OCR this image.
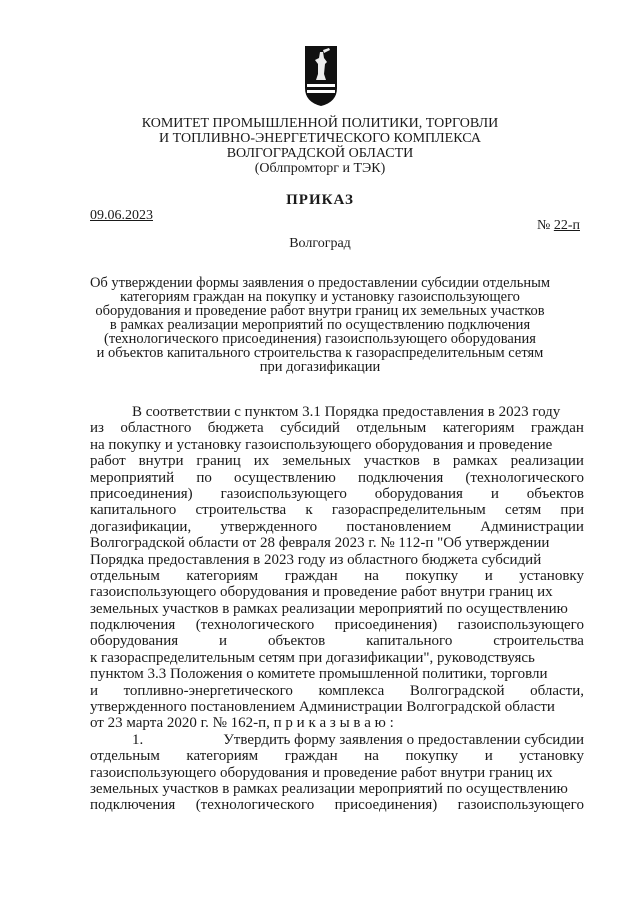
КОМИТЕТ ПРОМЫШЛЕННОЙ ПОЛИТИКИ, ТОРГОВЛИ
И ТОПЛИВНО-ЭНЕРГЕТИЧЕСКОГО КОМПЛЕКСА
ВОЛГОГРАДСКОЙ ОБЛАСТИ
(Облпромторг и ТЭК)
ПРИКАЗ
09.06.2023
№ 22-п
Волгоград
Об утверждении формы заявления о предоставлении субсидии отдельным
категориям граждан на покупку и установку газоиспользующего
оборудования и проведение работ внутри границ их земельных участков
в рамках реализации мероприятий по осуществлению подключения
(технологического присоединения) газоиспользующего оборудования
и объектов капитального строительства к газораспределительным сетям
при догазификации
В соответствии с пунктом 3.1 Порядка предоставления в 2023 году
из областного бюджета субсидий отдельным категориям граждан
на покупку и установку газоиспользующего оборудования и проведение
работ внутри границ их земельных участков в рамках реализации
мероприятий по осуществлению подключения (технологического
присоединения) газоиспользующего оборудования и объектов
капитального строительства к газораспределительным сетям при
догазификации, утвержденного постановлением Администрации
Волгоградской области от 28 февраля 2023 г. № 112-п "Об утверждении
Порядка предоставления в 2023 году из областного бюджета субсидий
отдельным категориям граждан на покупку и установку
газоиспользующего оборудования и проведение работ внутри границ их
земельных участков в рамках реализации мероприятий по осуществлению
подключения (технологического присоединения) газоиспользующего
оборудования	и	объектов	капитального	строительства
к газораспределительным сетям при догазификации", руководствуясь
пунктом 3.3 Положения о комитете промышленной политики, торговли
и топливно-энергетического комплекса Волгоградской области,
утвержденного постановлением Администрации Волгоградской области
от 23 марта 2020 г. № 162-п, п р и к а з ы в а ю :
1.	Утвердить форму заявления о предоставлении субсидии
отдельным категориям граждан на покупку и установку
газоиспользующего оборудования и проведение работ внутри границ их
земельных участков в рамках реализации мероприятий по осуществлению
подключения (технологического присоединения) газоиспользующего
